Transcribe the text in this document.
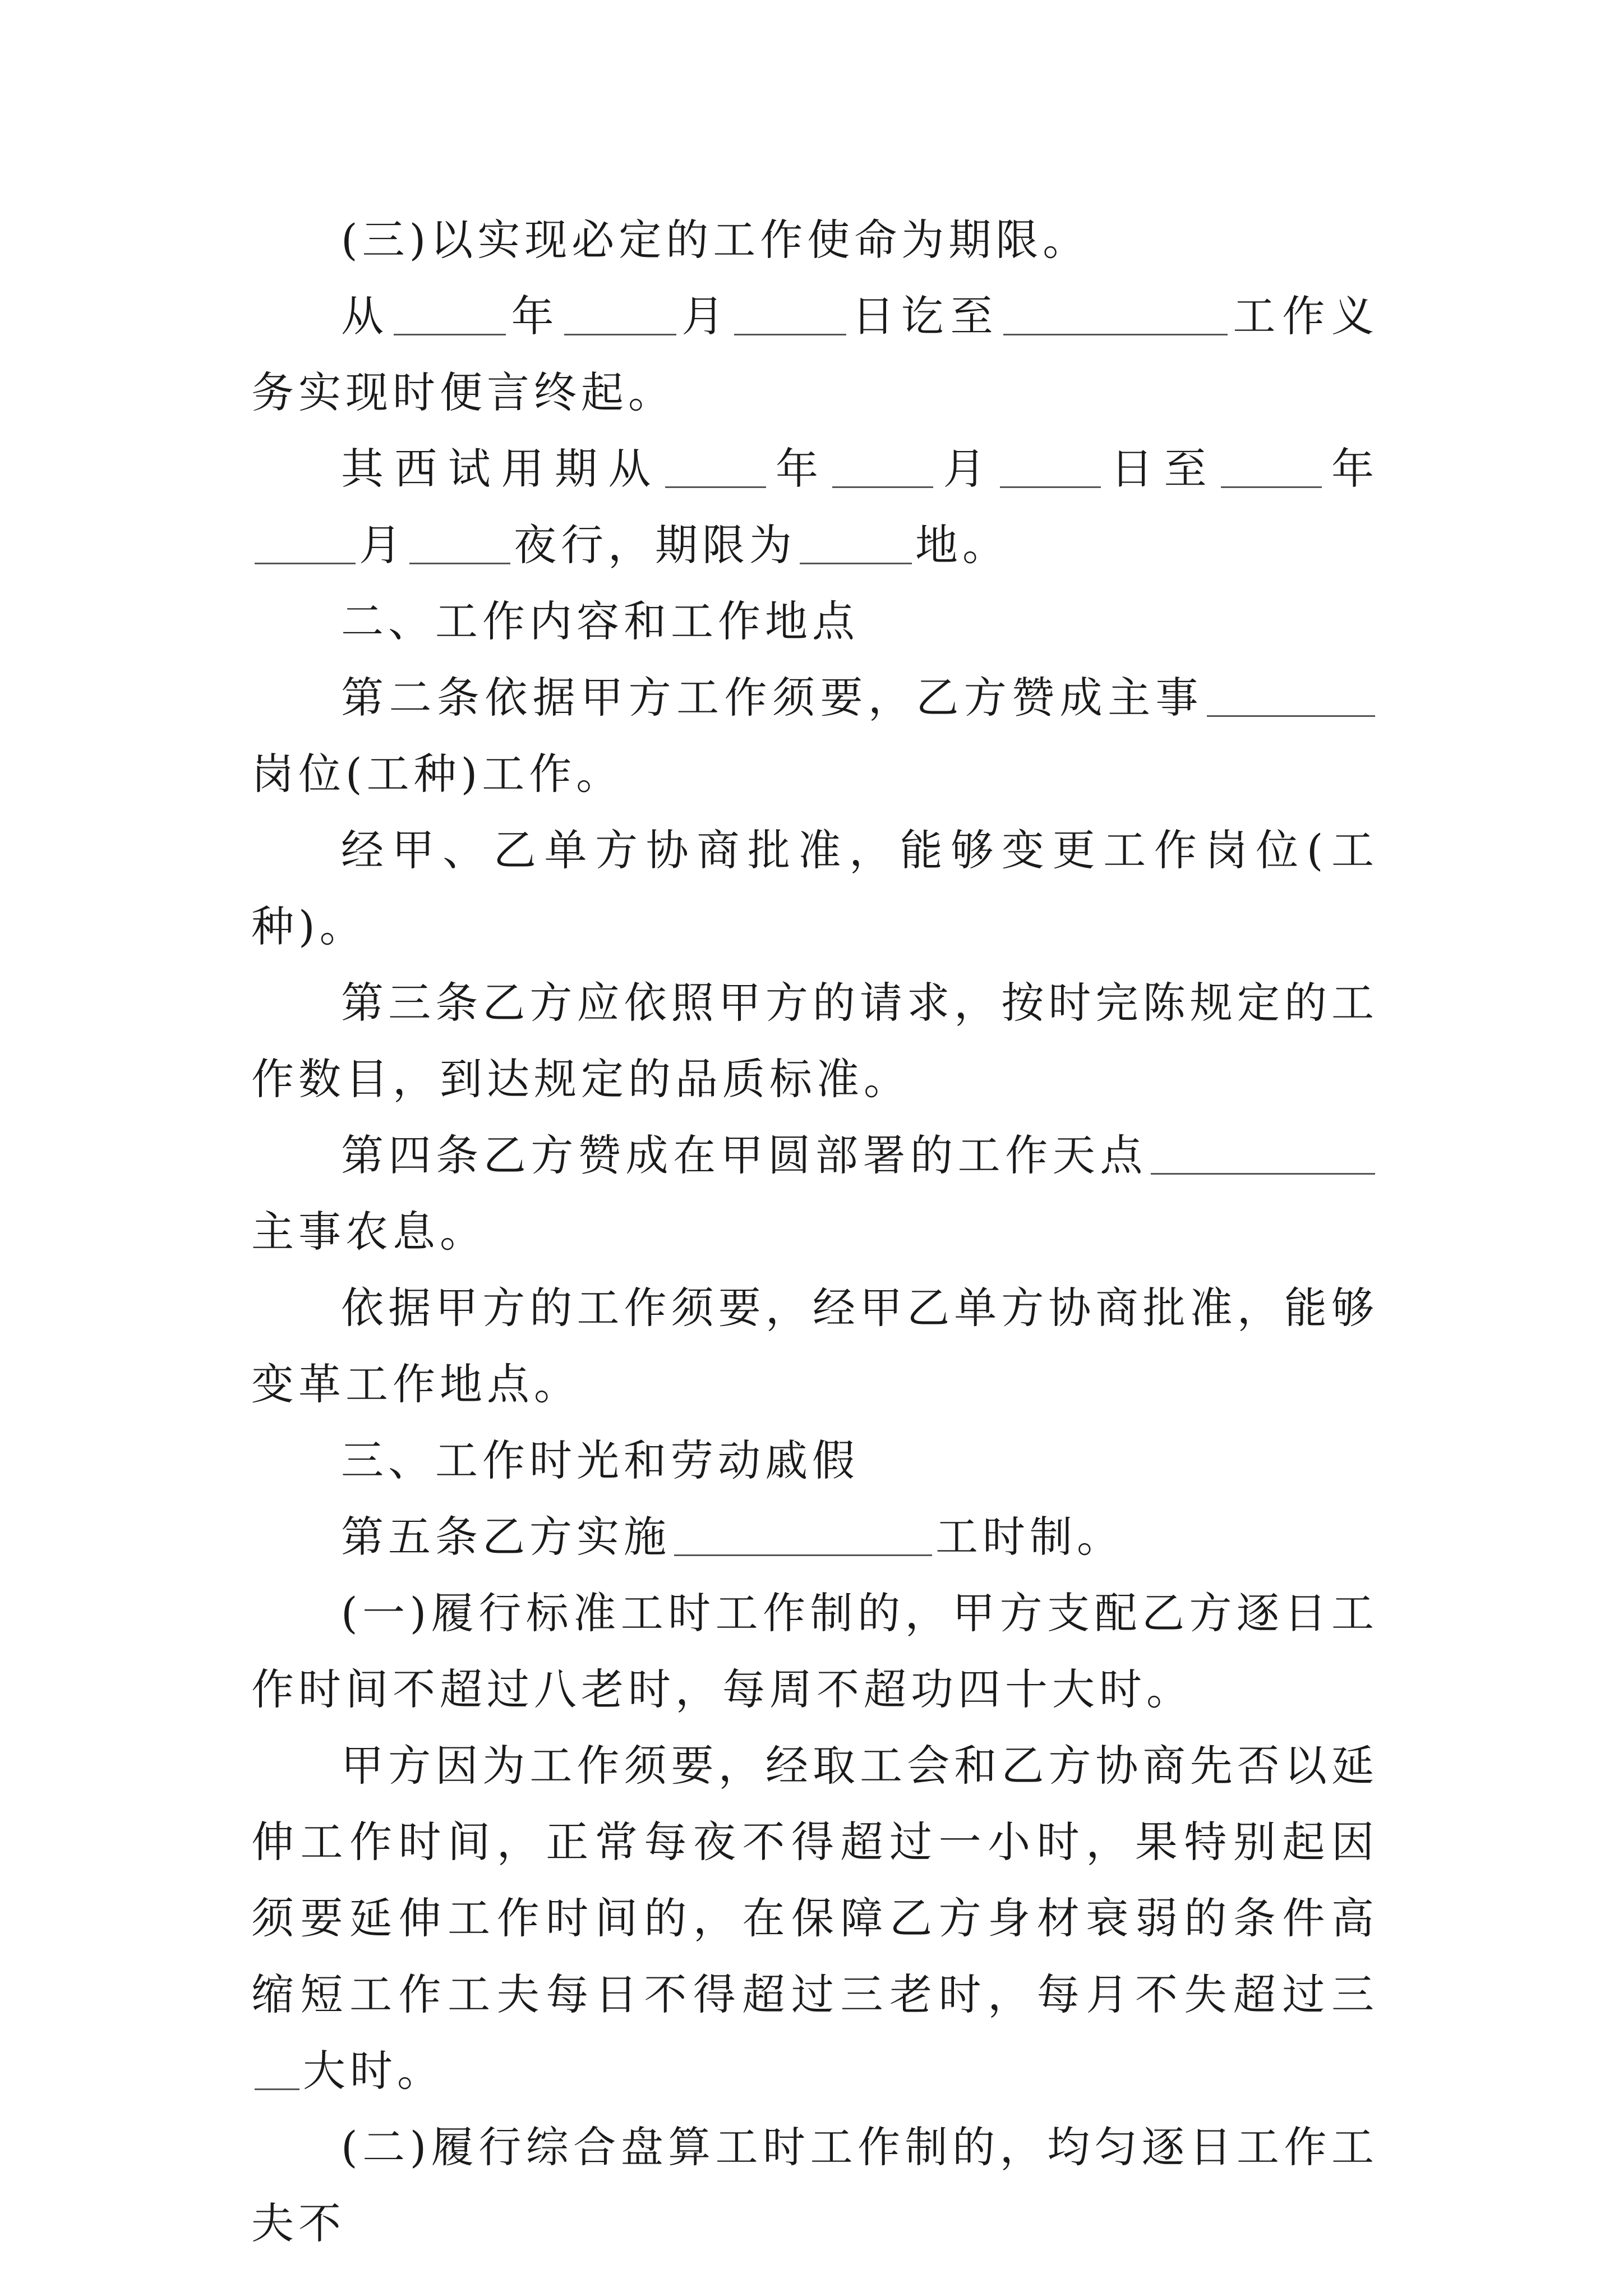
(三)以实现必定的工作使命为期限。

从	年	月	日讫至	工作义务实现时便言终起。

其西试用期从	年	月	日至	年月	夜行，期限为	地。

二、工作内容和工作地点

第二条依据甲方工作须要，乙方赞成主事岗位(工种)工作。

经甲、乙单方协商批准，能够变更工作岗位(工种)。

第三条乙方应依照甲方的请求，按时完陈规定的工作数目，到达规定的品质标准。

第四条乙方赞成在甲圆部署的工作天点主事农息。

依据甲方的工作须要，经甲乙单方协商批准，能够变革工作地点。

三、工作时光和劳动戚假

第五条乙方实施	工时制。

(一)履行标准工时工作制的，甲方支配乙方逐日工作时间不超过八老时，每周不超功四十大时。

甲方因为工作须要，经取工会和乙方协商先否以延伸工作时间，正常每夜不得超过一小时，果特别起因须要延伸工作时间的，在保障乙方身材衰弱的条件高缩短工作工夫每日不得超过三老时，每月不失超过三大时。

(二)履行综合盘算工时工作制的，均匀逐日工作工夫不
